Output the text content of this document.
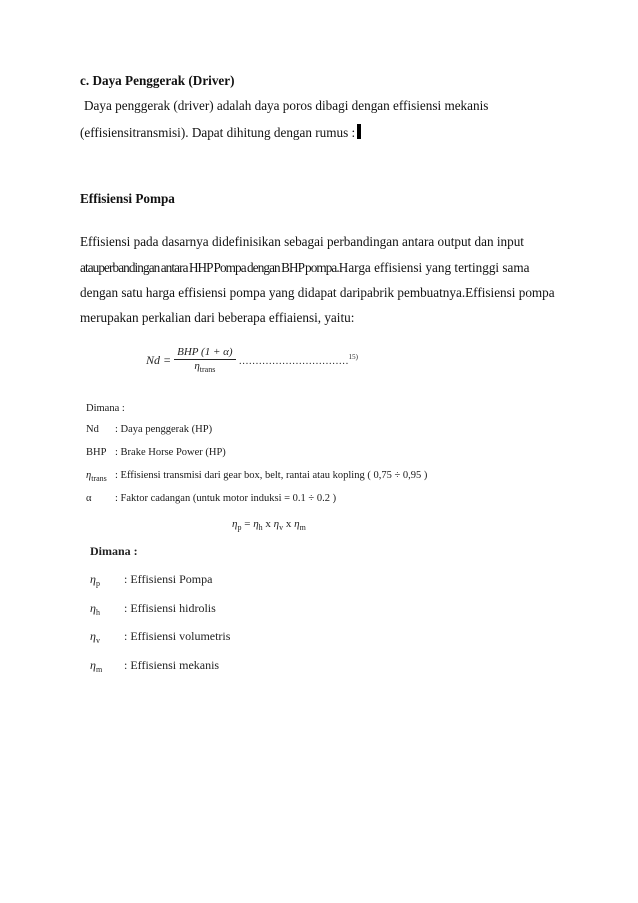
c. Daya Penggerak (Driver)
Daya penggerak (driver) adalah daya poros dibagi dengan effisiensi mekanis
(effisiensitransmisi). Dapat dihitung dengan rumus :
Effisiensi Pompa
Effisiensi pada dasarnya didefinisikan sebagai perbandingan antara output dan input
atauperbandingan antara HHP Pompa dengan BHP pompa.Harga effisiensi yang tertinggi sama
dengan satu harga effisiensi pompa yang didapat daripabrik pembuatnya.Effisiensi pompa
merupakan perkalian dari beberapa effiaiensi, yaitu:
$Nd = \frac{\text{BHP (1 + α)}}{\eta_{trans}}$ ……………………………$^{15)}$
Dimana :
Nd : Daya penggerak (HP)
BHP : Brake Horse Power (HP)
$\eta_{trans}$ : Effisiensi transmisi dari gear box, belt, rantai atau kopling ( 0,75 ÷ 0,95 )
α : Faktor cadangan (untuk motor induksi = 0.1 ÷ 0.2 )
$\eta_p = \eta_h$ x $\eta_v$ x $\eta_m$
Dimana :
$\eta_p$ : Effisiensi Pompa
$\eta_h$ : Effisiensi hidrolis
$\eta_v$ : Effisiensi volumetris
$\eta_m$ : Effisiensi mekanis
